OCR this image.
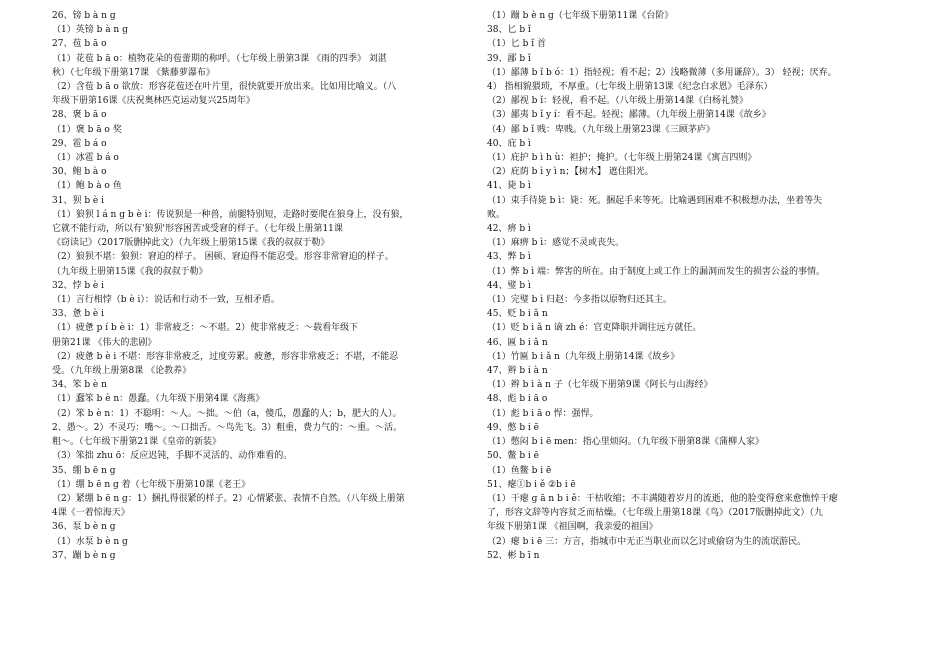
26、镑 b à n g
（1）英镑 b à n g
27、苞 b ā o
（1）花苞 b ā o：植物花朵的苞蕾期的称呼。（七年级上册第3课 《雨的四季》 刘湛
秋）（七年级下册第17课 《紫藤萝瀑布》
（2）含苞 b ā o 欲放：形容花苞还在叶片里，很快就要开放出来。比如用比喻义。（八
年级下册第16课《庆祝奥林匹克运动复兴25周年》
28、褒 b ā o
（1）褒 b ā o 奖
29、雹 b á o
（1）冰雹 b á o
30、鲍 b à o
（1）鲍 b à o 鱼
31、狈 b è i
（1）狼狈 l á n g b è i：传说狈是一种兽，前腿特别短，走路时要爬在狼身上，没有狼，
它就不能行动，所以有'狼狈'形容困苦或受窘的样子。（七年级上册第11课
《窃读记》（2017版删掉此文）（九年级上册第15课《我的叔叔于勒》
（2）狼狈不堪：狼狈：窘迫的样子。 困顿、窘迫得不能忍受。形容非常窘迫的样子。
（九年级上册第15课《我的叔叔于勒》
32、悖 b è i
（1）言行相悖（b è i）：说话和行动不一致，互相矛盾。
33、惫 b è i
（1）疲惫 p í b è i：1）非常疲乏：～不堪。2）使非常疲乏：～载看年级下
册第21课 《伟大的悲剧》
（2）疲惫 b è i 不堪：形容非常疲乏，过度劳累。疲惫，形容非常疲乏；不堪，不能忍
受。（九年级上册第8课 《论教养》
34、笨 b è n
（1）蠢笨 b è n：愚蠢。（九年级下册第4课《海燕》
（2）笨 b è n：1）不聪明：～人。～拙。～伯（a，傻瓜，愚蠢的人；b，肥大的人）。
2、愚～。2）不灵巧：嘴～。～口拙舌。～鸟先飞。3）粗重，费力气的：～重。～活。
粗～。（七年级下册第21课《皇帝的新装》
（3）笨拙 zhu ō：反应迟钝，手脚不灵活的、动作难看的。
35、绷 b ē n g
（1）绷 b ē n g 着（七年级下册第10课《老王》
（2）紧绷 b ē n g：1）捆扎得很紧的样子。2）心情紧张、表情不自然。（八年级上册第
4课《一着惊海天》
36、泵 b è n g
（1）水泵 b è n g
37、蹦 b è n g
（1）蹦 b è n g（七年级下册第11课《台阶》
38、匕 b ǐ
（1）匕 b ǐ 首
39、鄙 b ǐ
（1）鄙薄 b ǐ b ó：1）指轻视；看不起；2）浅略微薄（多用谦辞）。3） 轻视；厌弃。
4） 指相貌猥琐，不厚重。（七年级上册第13课《纪念白求恩》毛泽东）
（2）鄙视 b ǐ：轻视，看不起。（八年级上册第14课《白杨礼赞》
（3）鄙夷 b ǐ y í：看不起。轻视；鄙薄。（九年级上册第14课《故乡》
（4）鄙 b ǐ 贱：卑贱。（九年级上册第23课《三顾茅庐》
40、庇 b ì
（1）庇护 b ì h ù：袒护；掩护。（七年级上册第24课《寓言四则》
（2）庇荫 b ì y ì n；【树木】 遮住阳光。
41、毙 b ì
（1）束手待毙 b ì：毙：死。捆起手来等死。比喻遇到困难不积极想办法，坐着等失
败。
42、痹 b ì
（1）麻痹 b ì：感觉不灵或丧失。
43、弊 b ì
（1）弊 b ì 端：弊害的所在。由于制度上或工作上的漏洞而发生的损害公益的事情。
44、璧 b ì
（1）完璧 b ì 归赵：今多指以原物归还其主。
45、贬 b i ǎ n
（1）贬 b i ǎ n 谪 zh é：官吏降职并调往远方就任。
46、匾 b i ǎ n
（1）竹匾 b i ǎ n（九年级上册第14课《故乡》
47、辫 b i à n
（1）辫 b i à n 子（七年级下册第9课《阿长与山海经》
48、彪 b i ā o
（1）彪 b i ā o 悍：强悍。
49、憋 b i ē
（1）憋闷 b i ē men：指心里烦闷。（九年级下册第8课《蒲柳人家》
50、鳖 b i ē
（1）鱼鳖 b i ē
51、瘪①b i ě ②b i ē
（1）干瘪 g ā n b i ě：干枯收缩；不丰满随着岁月的流逝，他的脸变得愈来愈憔悴干瘪
了，形容文辞等内容贫乏而枯燥。（七年级上册第18课《鸟》（2017版删掉此文）（九
年级下册第1课 《祖国啊，我亲爱的祖国》
（2）瘪 b i ē 三：方言，指城市中无正当职业而以乞讨或偷窃为生的流氓游民。
52、彬 b ī n
